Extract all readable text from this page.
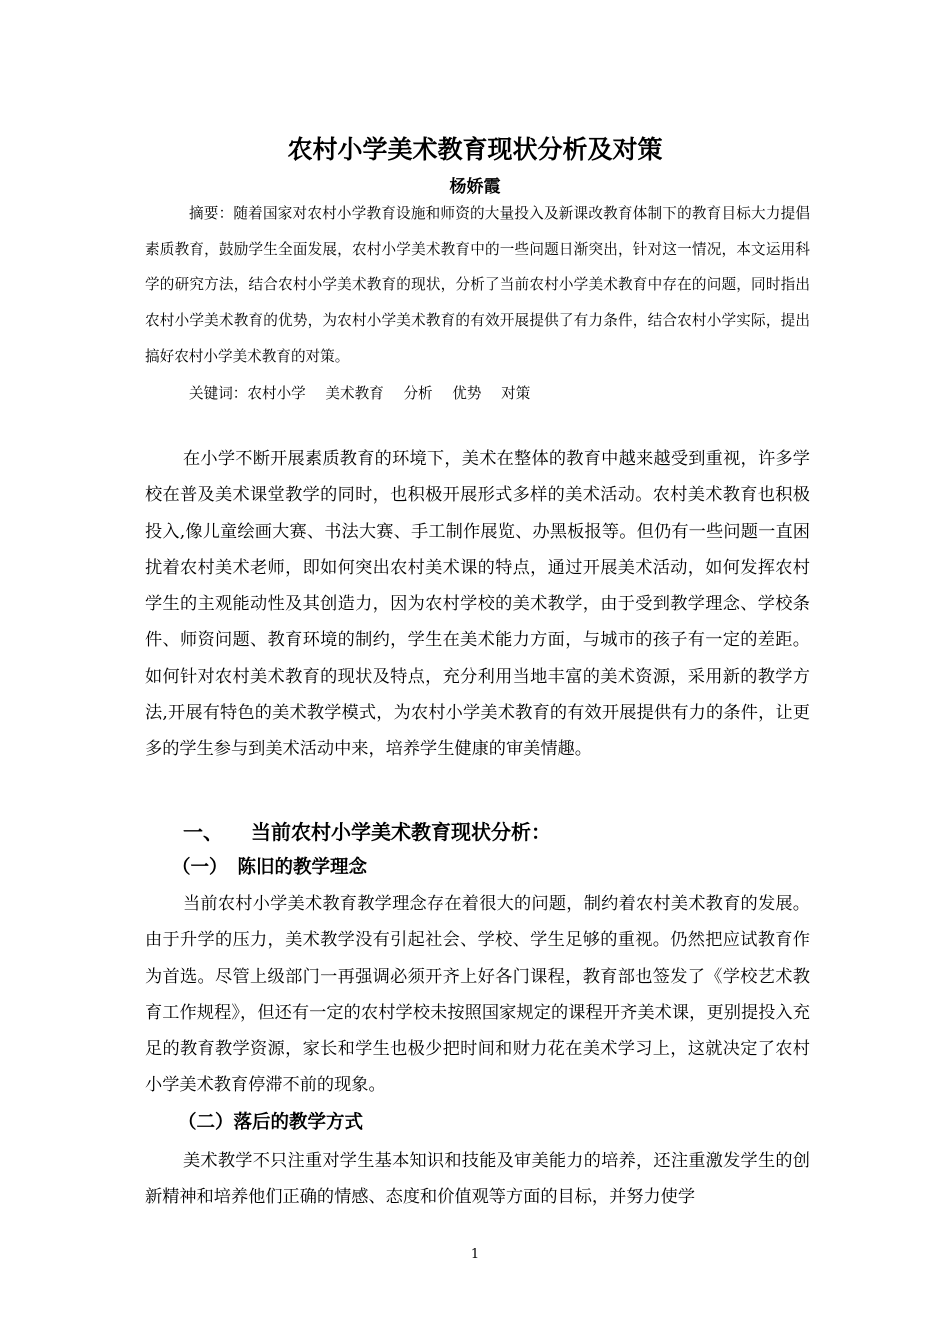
农村小学美术教育现状分析及对策
杨娇霞
摘要：随着国家对农村小学教育设施和师资的大量投入及新课改教育体制下的教育目标大力提倡素质教育，鼓励学生全面发展，农村小学美术教育中的一些问题日渐突出，针对这一情况，本文运用科学的研究方法，结合农村小学美术教育的现状，分析了当前农村小学美术教育中存在的问题，同时指出农村小学美术教育的优势，为农村小学美术教育的有效开展提供了有力条件，结合农村小学实际，提出搞好农村小学美术教育的对策。
关键词：农村小学 美术教育 分析 优势 对策

在小学不断开展素质教育的环境下，美术在整体的教育中越来越受到重视，许多学校在普及美术课堂教学的同时，也积极开展形式多样的美术活动。农村美术教育也积极投入,像儿童绘画大赛、书法大赛、手工制作展览、办黑板报等。但仍有一些问题一直困扰着农村美术老师，即如何突出农村美术课的特点，通过开展美术活动，如何发挥农村学生的主观能动性及其创造力，因为农村学校的美术教学，由于受到教学理念、学校条件、师资问题、教育环境的制约，学生在美术能力方面，与城市的孩子有一定的差距。如何针对农村美术教育的现状及特点，充分利用当地丰富的美术资源，采用新的教学方法,开展有特色的美术教学模式，为农村小学美术教育的有效开展提供有力的条件，让更多的学生参与到美术活动中来，培养学生健康的审美情趣。

一、 当前农村小学美术教育现状分析：
（一） 陈旧的教学理念

当前农村小学美术教育教学理念存在着很大的问题，制约着农村美术教育的发展。由于升学的压力，美术教学没有引起社会、学校、学生足够的重视。仍然把应试教育作为首选。尽管上级部门一再强调必须开齐上好各门课程，教育部也签发了《学校艺术教育工作规程》，但还有一定的农村学校未按照国家规定的课程开齐美术课，更别提投入充足的教育教学资源，家长和学生也极少把时间和财力花在美术学习上，这就决定了农村小学美术教育停滞不前的现象。

（二）落后的教学方式

美术教学不只注重对学生基本知识和技能及审美能力的培养，还注重激发学生的创新精神和培养他们正确的情感、态度和价值观等方面的目标，并努力使学

1
